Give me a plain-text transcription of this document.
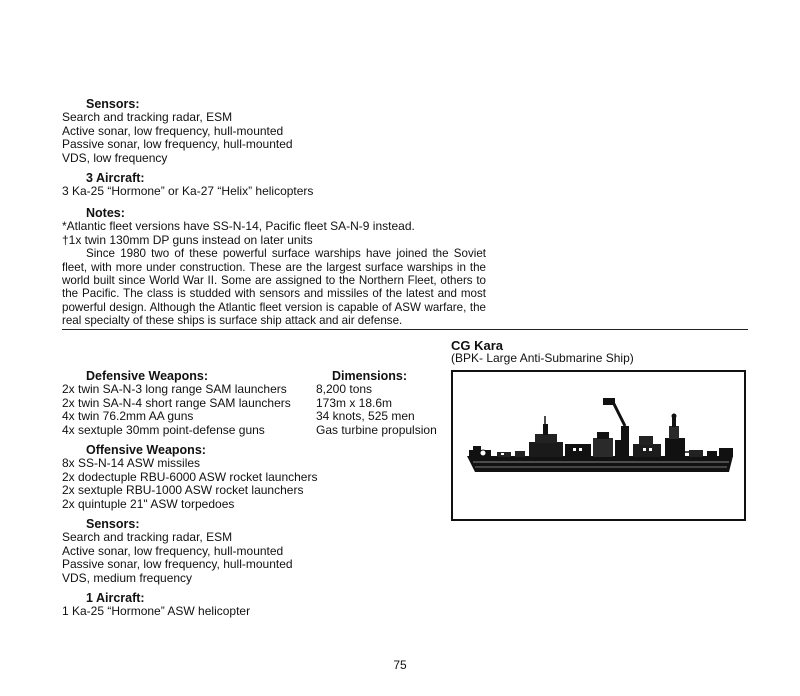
Sensors:
Search and tracking radar, ESM
Active sonar, low frequency, hull-mounted
Passive sonar, low frequency, hull-mounted
VDS, low frequency
3 Aircraft:
3 Ka-25 “Hormone” or Ka-27 “Helix” helicopters
Notes:
*Atlantic fleet versions have SS-N-14, Pacific fleet SA-N-9 instead.
†1x twin 130mm DP guns instead on later units
Since 1980 two of these powerful surface warships have joined the Soviet fleet, with more under construction. These are the largest surface warships in the world built since World War II. Some are assigned to the Northern Fleet, others to the Pacific. The class is studded with sensors and missiles of the latest and most powerful design. Although the Atlantic fleet version is capable of ASW warfare, the real specialty of these ships is surface ship attack and air defense.
CG Kara
(BPK- Large Anti-Submarine Ship)
Defensive Weapons:
2x twin SA-N-3 long range SAM launchers
2x twin SA-N-4 short range SAM launchers
4x twin 76.2mm AA guns
4x sextuple 30mm point-defense guns
Dimensions:
8,200 tons
173m x 18.6m
34 knots, 525 men
Gas turbine propulsion
Offensive Weapons:
8x SS-N-14 ASW missiles
2x dodectuple RBU-6000 ASW rocket launchers
2x sextuple RBU-1000 ASW rocket launchers
2x quintuple 21" ASW torpedoes
Sensors:
Search and tracking radar, ESM
Active sonar, low frequency, hull-mounted
Passive sonar, low frequency, hull-mounted
VDS, medium frequency
1 Aircraft:
1 Ka-25 “Hormone” ASW helicopter
75
